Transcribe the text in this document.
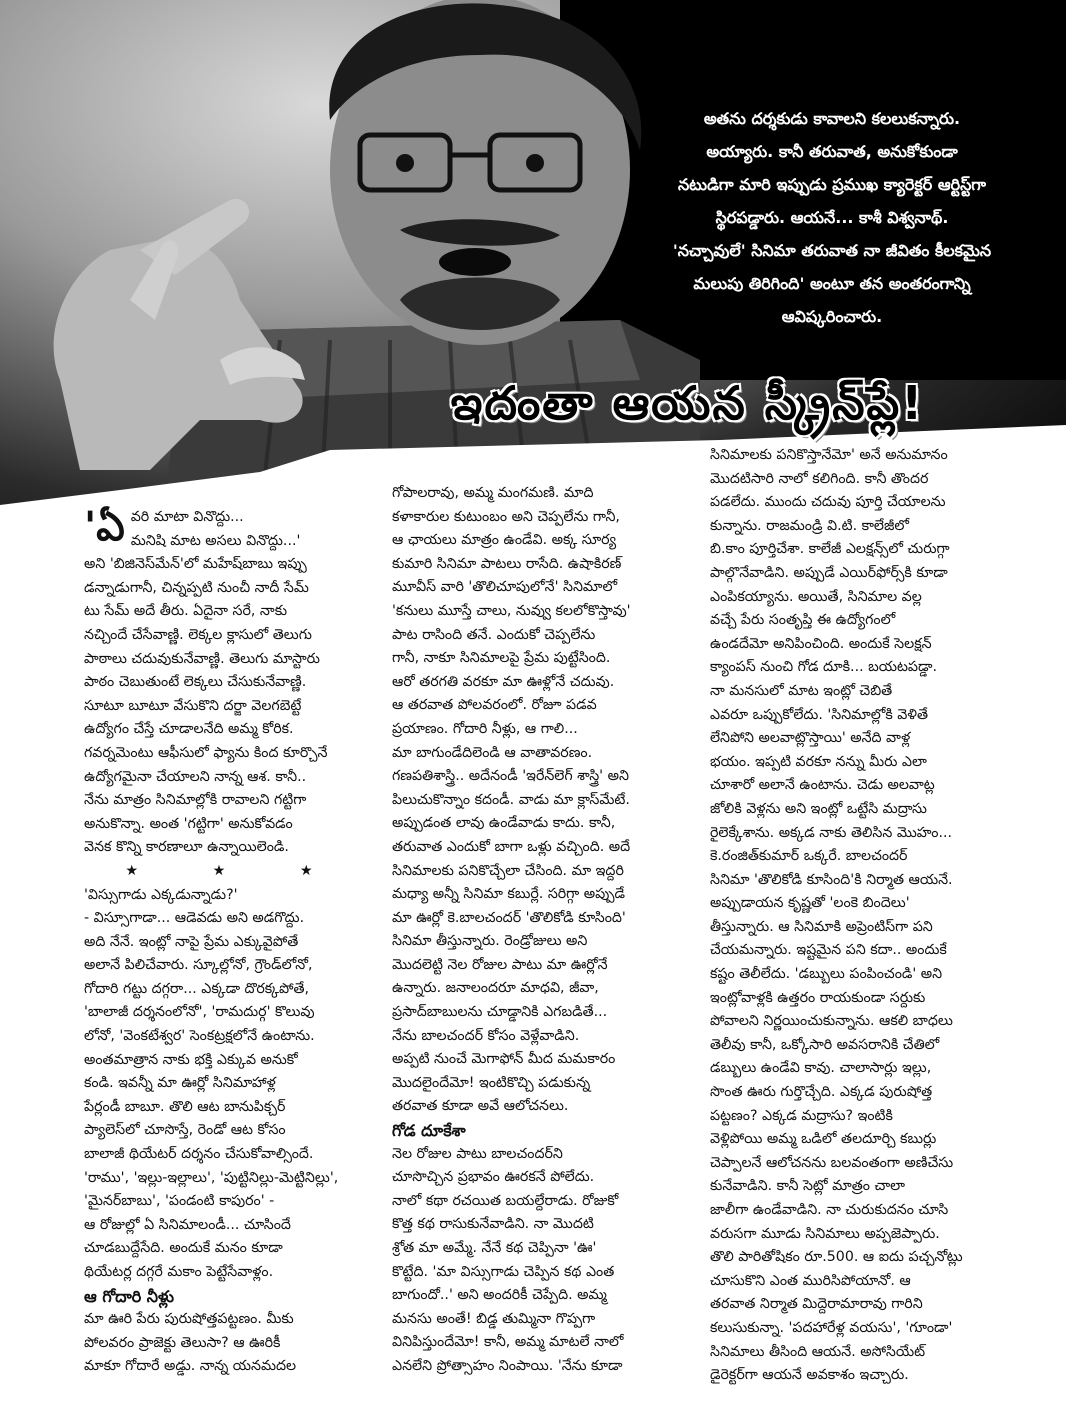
అతను దర్శకుడు కావాలని కలలుకన్నారు.

అయ్యారు. కానీ తరువాత, అనుకోకుండా

నటుడిగా మారి ఇప్పుడు ప్రముఖ క్యారెక్టర్ ఆర్టిస్ట్‌గా

స్థిరపడ్డారు. ఆయనే... కాశీ విశ్వనాథ్.

'నచ్చావులే' సినిమా తరువాత నా జీవితం కీలకమైన

మలుపు తిరిగింది' అంటూ తన అంతరంగాన్ని

ఆవిష్కరించారు.

ఇదంతా ఆయన స్క్రీన్‌ప్లే!
'ఏ వరి మాటా వినొద్దు...

మనిషి మాట అసలు వినొద్దు...'

అని 'బిజినెస్‌మేన్‌'లో మహేష్‌బాబు ఇప్పు

డన్నాడుగానీ, చిన్నప్పటి నుంచీ నాదీ సేమ్

టు సేమ్ అదే తీరు. ఏదైనా సరే, నాకు

నచ్చిందే చేసేవాణ్ణి. లెక్కల క్లాసులో తెలుగు

పాఠాలు చదువుకునేవాణ్ణి. తెలుగు మాస్టారు

పాఠం చెబుతుంటే లెక్కలు చేసుకునేవాణ్ణి.

సూటూ బూటూ వేసుకొని దర్జా వెలగబెట్టే

ఉద్యోగం చేస్తే చూడాలనేది అమ్మ కోరిక.

గవర్నమెంటు ఆఫీసులో ఫ్యాను కింద కూర్చొనే

ఉద్యోగమైనా చేయాలని నాన్న ఆశ. కానీ..

నేను మాత్రం సినిమాల్లోకి రావాలని గట్టిగా

అనుకొన్నా. అంత 'గట్టిగా' అనుకోవడం

వెనక కొన్ని కారణాలూ ఉన్నాయిలెండి.

★ ★ ★

'విస్సుగాడు ఎక్కడున్నాడు?'

- విస్సూగాడా... ఆడెవడు అని అడగొద్దు.

అది నేనే. ఇంట్లో నాపై ప్రేమ ఎక్కువైపోతే

అలానే పిలిచేవారు. స్కూల్లోనో, గ్రౌండ్‌లోనో,

గోదారి గట్టు దగ్గరా... ఎక్కడా దొరక్కపోతే,

'బాలాజీ దర్శనంలోనో', 'రామదుర్గ' కొలువు

లోనో, 'వెంకటేశ్వర' సెంకట్రక్షలోనే ఉంటాను.

అంతమాత్రాన నాకు భక్తి ఎక్కువ అనుకో

కండి. ఇవన్నీ మా ఊర్లో సినిమాహాళ్ల

పేర్లండీ బాబూ. తొలి ఆట బానుపిక్చర్

ప్యాలెస్‌లో చూసొస్తే, రెండో ఆట కోసం

బాలాజీ థియేటర్ దర్శనం చేసుకోవాల్సిందే.

'రాము', 'ఇల్లు-ఇల్లాలు', 'పుట్టినిల్లు-మెట్టినిల్లు',

'మైనర్‌బాబు', 'పండంటి కాపురం' -

ఆ రోజుల్లో ఏ సినిమాలండీ... చూసిందే

చూడబుద్దేసేది. అందుకే మనం కూడా

థియేటర్ల దగ్గరే మకాం పెట్టేసేవాళ్లం.

ఆ గోదారి నీళ్లు

మా ఊరి పేరు పురుషోత్తపట్టణం. మీకు

పోలవరం ప్రాజెక్టు తెలుసా? ఆ ఊరికీ

మాకూ గోదారే అడ్డు. నాన్న యనమదల

గోపాలరావు, అమ్మ మంగమణి. మాది

కళాకారుల కుటుంబం అని చెప్పలేను గానీ,

ఆ ఛాయలు మాత్రం ఉండేవి. అక్క సూర్య

కుమారి సినిమా పాటలు రాసేది. ఉషాకిరణ్

మూవీస్ వారి 'తొలిచూపులోనే' సినిమాలో

'కనులు మూస్తే చాలు, నువ్వు కలలోకొస్తావు'

పాట రాసింది తనే. ఎందుకో చెప్పలేను

గానీ, నాకూ సినిమాలపై ప్రేమ పుట్టేసింది.

ఆరో తరగతి వరకూ మా ఊళ్లోనే చదువు.

ఆ తరవాత పోలవరంలో. రోజూ పడవ

ప్రయాణం. గోదారి నీళ్లు, ఆ గాలి...

మా బాగుండేదిలెండి ఆ వాతావరణం.

గణపతిశాస్త్రి.. అదేనండీ 'ఇరేన్‌లెగ్ శాస్త్రి' అని

పిలుచుకొన్నాం కదండీ. వాడు మా క్లాస్‌మేటే.

అప్పుడంత లావు ఉండేవాడు కాదు. కానీ,

తరువాత ఎందుకో బాగా ఒళ్లు వచ్చింది. అదే

సినిమాలకు పనికొచ్చేలా చేసింది. మా ఇద్దరి

మధ్యా అన్నీ సినిమా కబుర్లే. సరిగ్గా అప్పుడే

మా ఊర్లో కె.బాలచందర్ 'తొలికోడి కూసింది'

సినిమా తీస్తున్నారు. రెండ్రోజులు అని

మొదలెట్టి నెల రోజుల పాటు మా ఊర్లోనే

ఉన్నారు. జనాలందరూ మాధవి, జీవా,

ప్రసాద్‌బాబులను చూడ్డానికి ఎగబడితే...

నేను బాలచందర్ కోసం వెళ్లేవాడిని.

అప్పటి నుంచే మెగాఫోన్ మీద మమకారం

మొదలైందేమో! ఇంటికొచ్చి పడుకున్న

తరవాత కూడా అవే ఆలోచనలు.

గోడ దూకేశా

నెల రోజుల పాటు బాలచందర్‌ని

చూసొచ్చిన ప్రభావం ఊరకనే పోలేదు.

నాలో కథా రచయిత బయల్దేరాడు. రోజుకో

కొత్త కథ రాసుకునేవాడిని. నా మొదటి

శ్రోత మా అమ్మే. నేనే కథ చెప్పినా 'ఊ'

కొట్టేది. 'మా విస్సుగాడు చెప్పిన కథ ఎంత

బాగుందో..' అని అందరికీ చెప్పేది. అమ్మ

మనసు అంతే! బిడ్డ తుమ్మినా గొప్పగా

వినిపిస్తుందేమో! కానీ, అమ్మ మాటలే నాలో

ఎనలేని ప్రోత్సాహం నింపాయి. 'నేను కూడా

సినిమాలకు పనికొస్తానేమో' అనే అనుమానం

మొదటిసారి నాలో కలిగింది. కానీ తొందర

పడలేదు. ముందు చదువు పూర్తి చేయాలను

కున్నాను. రాజమండ్రి వి.టి. కాలేజీలో

బి.కాం పూర్తిచేశా. కాలేజీ ఎలక్షన్స్‌లో చురుగ్గా

పాల్గొనేవాడిని. అప్పుడే ఎయిర్‌ఫోర్స్‌కి కూడా

ఎంపికయ్యాను. అయితే, సినిమాల వల్ల

వచ్చే పేరు సంతృప్తి ఈ ఉద్యోగంలో

ఉండదేమో అనిపించింది. అందుకే సెలక్షన్

క్యాంపస్ నుంచి గోడ దూకి... బయటపడ్డా.

నా మనసులో మాట ఇంట్లో చెబితే

ఎవరూ ఒప్పుకోలేదు. 'సినిమాల్లోకి వెళితే

లేనిపోని అలవాట్లొస్తాయి' అనేది వాళ్ల

భయం. ఇప్పటి వరకూ నన్ను మీరు ఎలా

చూశారో అలానే ఉంటాను. చెడు అలవాట్ల

జోలికి వెళ్లను అని ఇంట్లో ఒట్టేసి మద్రాసు

రైలెక్కేశాను. అక్కడ నాకు తెలిసిన మొహం...

కె.రంజిత్‌కుమార్ ఒక్కరే. బాలచందర్

సినిమా 'తొలికోడి కూసింది'కి నిర్మాత ఆయనే.

అప్పుడాయన కృష్ణతో 'లంకె బిందెలు'

తీస్తున్నారు. ఆ సినిమాకి అప్రెంటిస్‌గా పని

చేయమన్నారు. ఇష్టమైన పని కదా.. అందుకే

కష్టం తెలీలేదు. 'డబ్బులు పంపించండి' అని

ఇంట్లోవాళ్లకి ఉత్తరం రాయకుండా సర్దుకు

పోవాలని నిర్ణయించుకున్నాను. ఆకలి బాధలు

తెలీవు కానీ, ఒక్కోసారి అవసరానికి చేతిలో

డబ్బులు ఉండేవి కావు. చాలాసార్లు ఇల్లు,

సొంత ఊరు గుర్తొచ్చేది. ఎక్కడ పురుషోత్త

పట్టణం? ఎక్కడ మద్రాసు? ఇంటికి

వెళ్లిపోయి అమ్మ ఒడిలో తలదూర్చి కబుర్లు

చెప్పాలనే ఆలోచనను బలవంతంగా అణిచేసు

కునేవాడిని. కానీ సెట్లో మాత్రం చాలా

జాలీగా ఉండేవాడిని. నా చురుకుదనం చూసి

వరుసగా మూడు సినిమాలు అప్పజెప్పారు.

తొలి పారితోషికం రూ.500. ఆ ఐదు పచ్చనోట్లు

చూసుకొని ఎంత మురిసిపోయానో. ఆ

తరవాత నిర్మాత మిద్దెరామారావు గారిని

కలుసుకున్నా. 'పదహారేళ్ల వయసు', 'గూండా'

సినిమాలు తీసింది ఆయనే. అసోసియేట్

డైరెక్టర్‌గా ఆయనే అవకాశం ఇచ్చారు.
